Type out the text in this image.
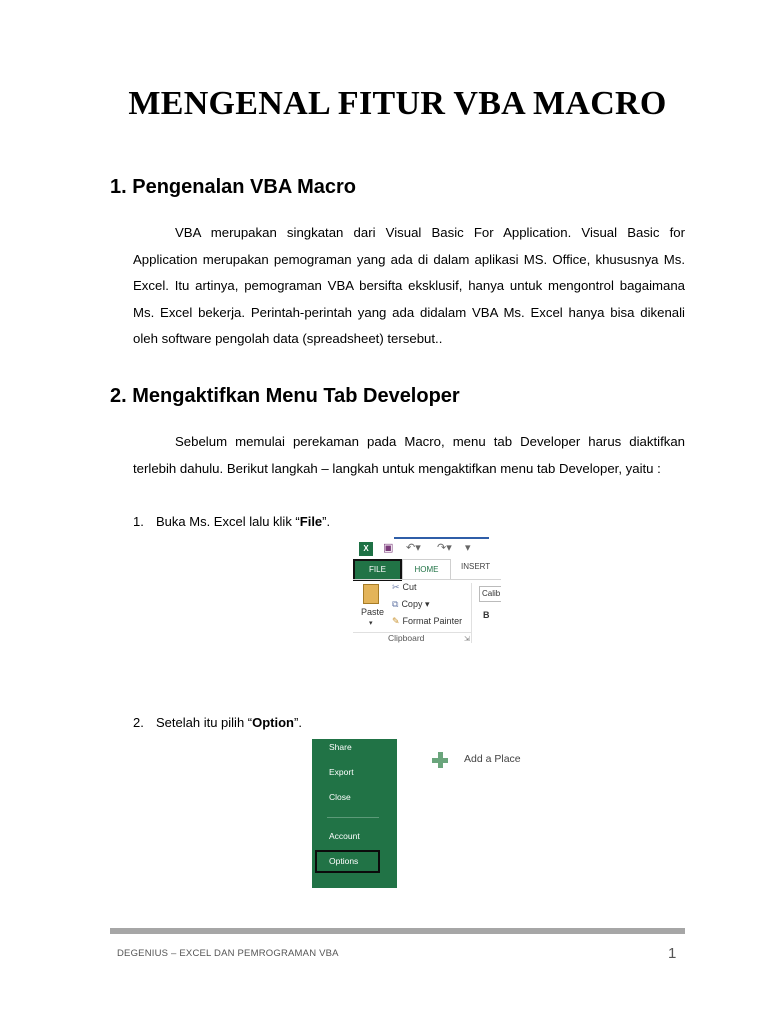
MENGENAL FITUR VBA MACRO
1. Pengenalan VBA Macro
VBA merupakan singkatan dari Visual Basic For Application. Visual Basic for Application merupakan pemograman yang ada di dalam aplikasi MS. Office, khususnya Ms. Excel. Itu artinya, pemograman VBA bersifta eksklusif, hanya untuk mengontrol bagaimana Ms. Excel bekerja. Perintah-perintah yang ada didalam VBA Ms. Excel hanya bisa dikenali oleh software pengolah data (spreadsheet) tersebut..
2. Mengaktifkan Menu Tab Developer
Sebelum memulai perekaman pada Macro, menu tab Developer harus diaktifkan terlebih dahulu. Berikut langkah – langkah untuk mengaktifkan menu tab Developer, yaitu :
1. Buka Ms. Excel lalu klik “File”.
X	▣ ↶▾ ↷▾ ▾
FILE	HOME	INSERT
Paste
▾
✂ Cut
⧉ Copy ▾
✎ Format Painter
Calib
B
Clipboard	⇲
2. Setelah itu pilih “Option”.
Share
Export
Close
Account
Options
Add a Place
DEGENIUS – EXCEL DAN PEMROGRAMAN VBA	1
